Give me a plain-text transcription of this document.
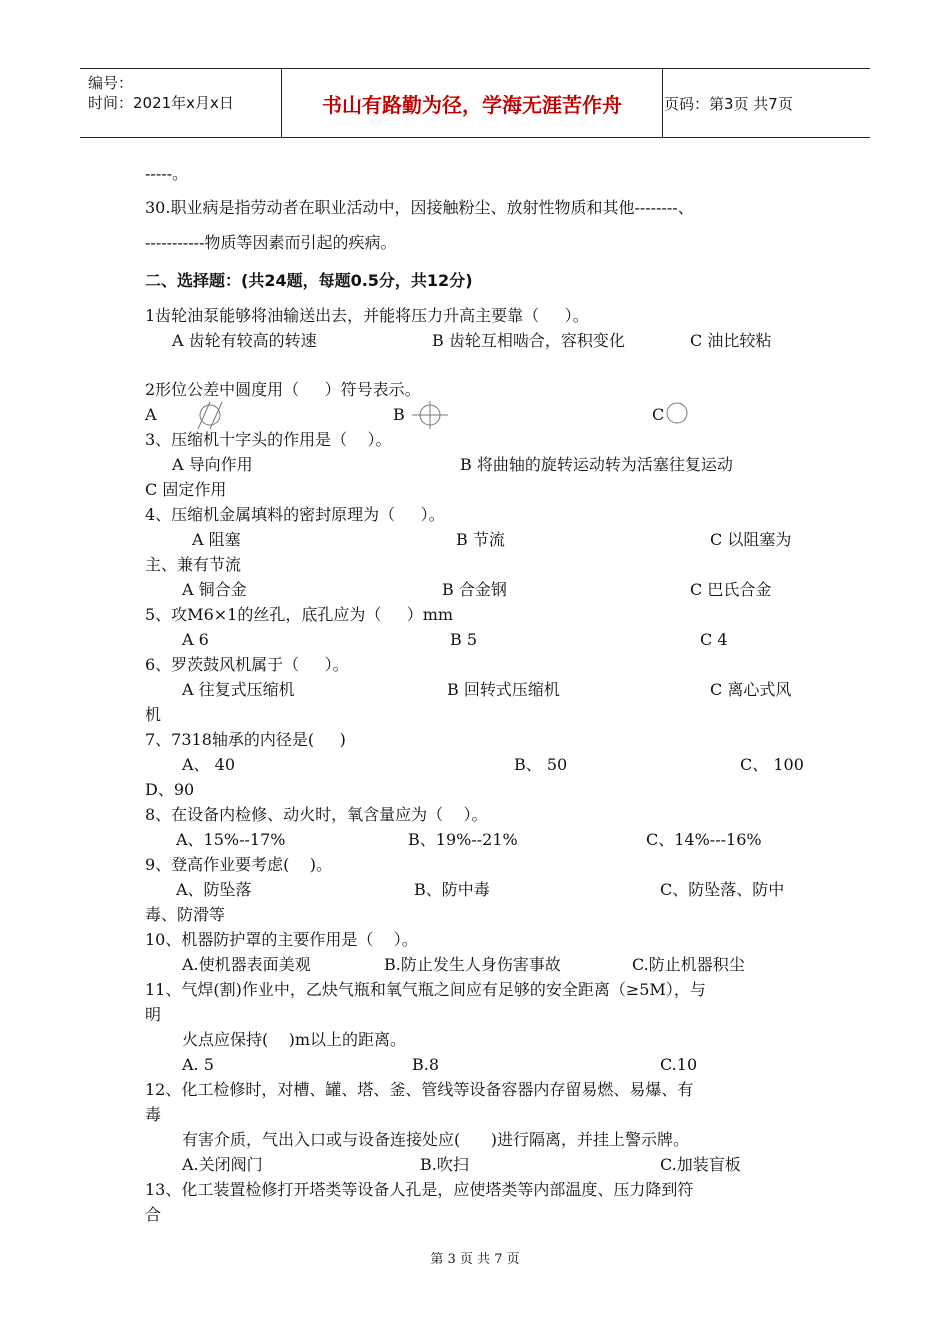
编号：
时间：2021年x月x日	书山有路勤为径，学海无涯苦作舟	页码：第3页 共7页
-----。
30.职业病是指劳动者在职业活动中，因接触粉尘、放射性物质和其他--------、
-----------物质等因素而引起的疾病。
二、选择题：(共24题，每题0.5分，共12分)
1齿轮油泵能够将油输送出去，并能将压力升高主要靠（     ）。
A 齿轮有较高的转速	B 齿轮互相啮合，容积变化	C 油比较粘
2形位公差中圆度用（     ）符号表示。
A	B	C
3、压缩机十字头的作用是（    ）。
A 导向作用	B 将曲轴的旋转运动转为活塞往复运动
C 固定作用
4、压缩机金属填料的密封原理为（     ）。
A 阻塞	B 节流	C 以阻塞为
主、兼有节流
A 铜合金	B 合金钢	C 巴氏合金
5、攻M6×1的丝孔，底孔应为（     ）mm
A 6	B 5	C 4
6、罗茨鼓风机属于（     ）。
A 往复式压缩机	B 回转式压缩机	C 离心式风
机
7、7318轴承的内径是(     )
A、 40	B、 50	C、 100
D、90
8、在设备内检修、动火时，氧含量应为（    ）。
A、15%--17%	B、19%--21%	C、14%---16%
9、登高作业要考虑(    )。
A、防坠落	B、防中毒	C、防坠落、防中
毒、防滑等
10、机器防护罩的主要作用是（    ）。
A.使机器表面美观	B.防止发生人身伤害事故	C.防止机器积尘
11、气焊(割)作业中，乙炔气瓶和氧气瓶之间应有足够的安全距离（≥5M），与
明
火点应保持(    )m以上的距离。
A. 5	B.8	C.10
12、化工检修时，对槽、罐、塔、釜、管线等设备容器内存留易燃、易爆、有
毒
有害介质，气出入口或与设备连接处应(      )进行隔离，并挂上警示牌。
A.关闭阀门	B.吹扫	C.加装盲板
13、化工装置检修打开塔类等设备人孔是，应使塔类等内部温度、压力降到符
合
第 3 页 共 7 页
